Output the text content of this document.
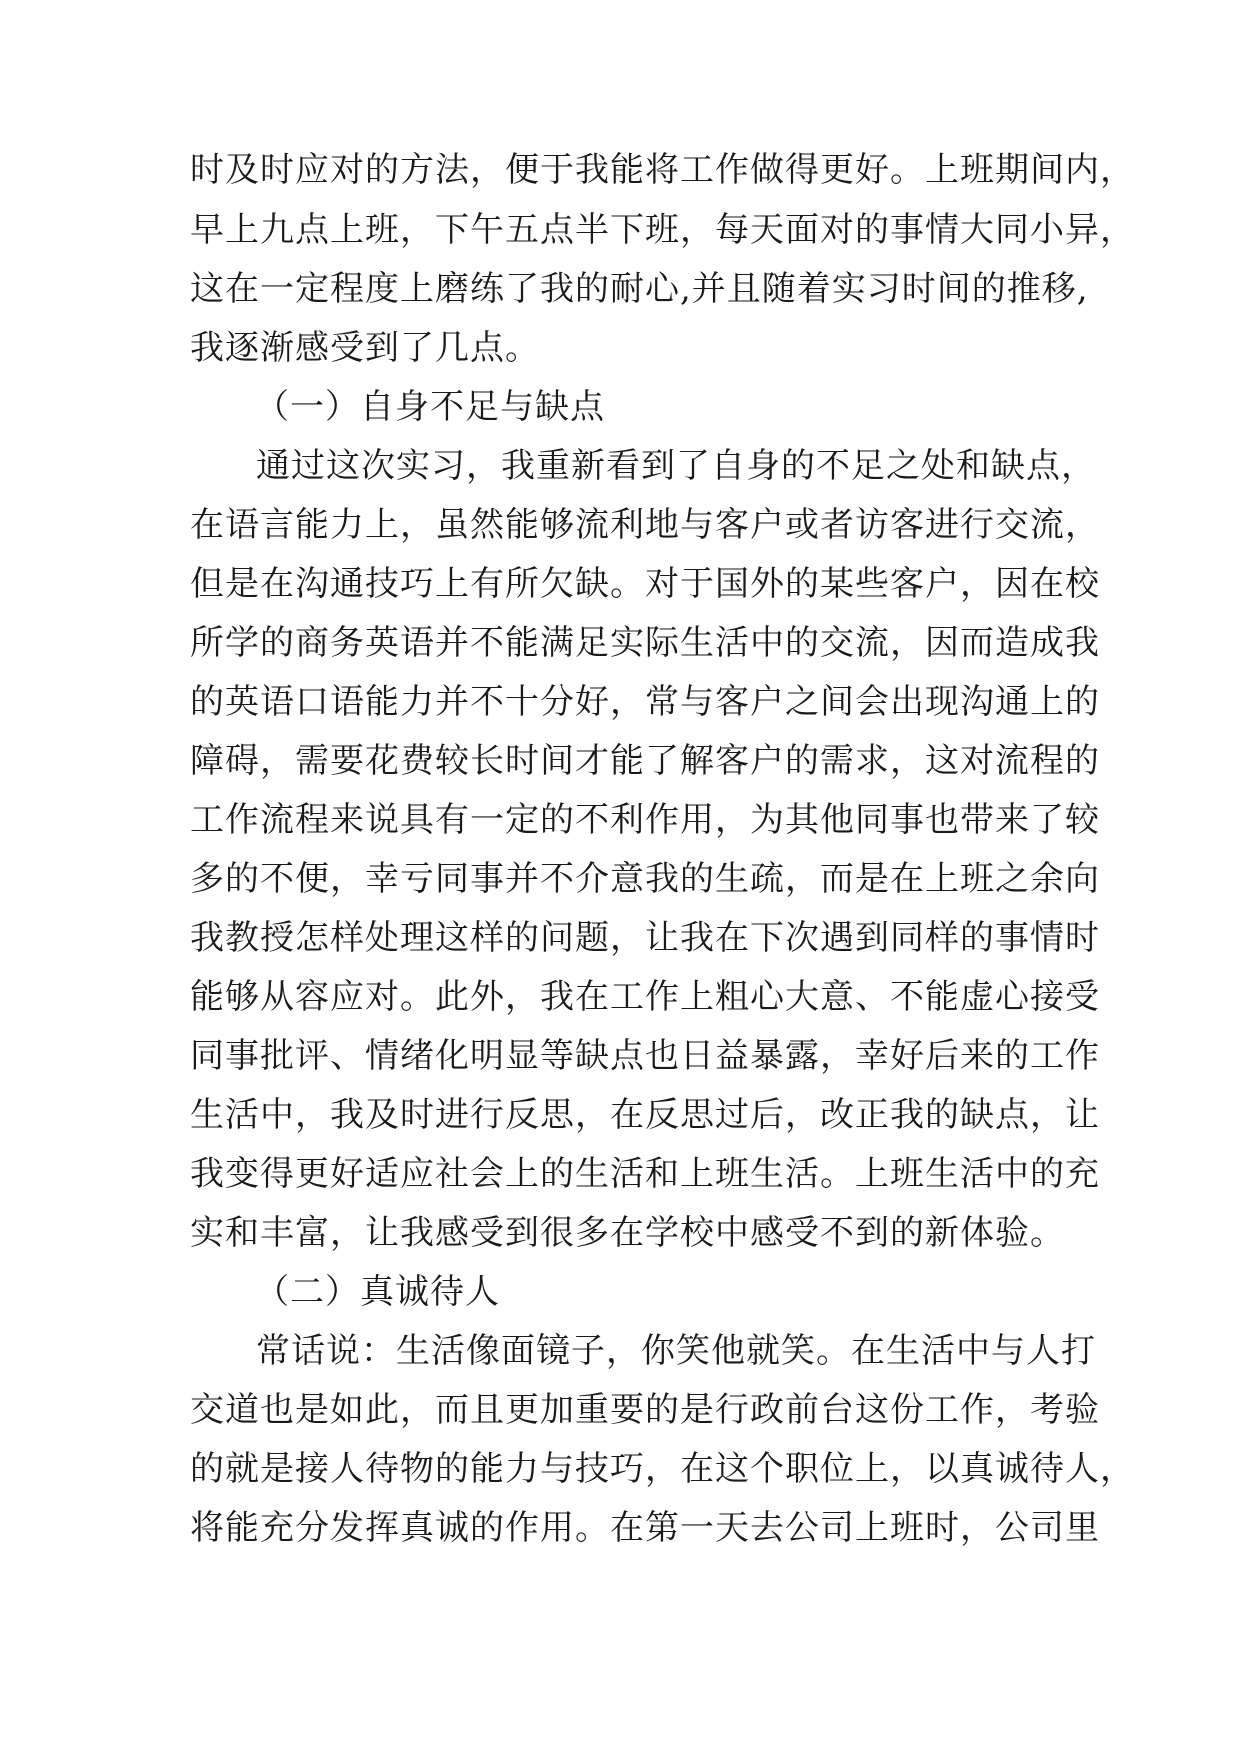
时及时应对的方法，便于我能将工作做得更好。上班期间内，
早上九点上班，下午五点半下班，每天面对的事情大同小异，
这在一定程度上磨练了我的耐心,并且随着实习时间的推移,
我逐渐感受到了几点。
（一）自身不足与缺点
通过这次实习，我重新看到了自身的不足之处和缺点，
在语言能力上，虽然能够流利地与客户或者访客进行交流，
但是在沟通技巧上有所欠缺。对于国外的某些客户，因在校
所学的商务英语并不能满足实际生活中的交流，因而造成我
的英语口语能力并不十分好，常与客户之间会出现沟通上的
障碍，需要花费较长时间才能了解客户的需求，这对流程的
工作流程来说具有一定的不利作用，为其他同事也带来了较
多的不便，幸亏同事并不介意我的生疏，而是在上班之余向
我教授怎样处理这样的问题，让我在下次遇到同样的事情时
能够从容应对。此外，我在工作上粗心大意、不能虚心接受
同事批评、情绪化明显等缺点也日益暴露，幸好后来的工作
生活中，我及时进行反思，在反思过后，改正我的缺点，让
我变得更好适应社会上的生活和上班生活。上班生活中的充
实和丰富，让我感受到很多在学校中感受不到的新体验。
（二）真诚待人
常话说：生活像面镜子，你笑他就笑。在生活中与人打
交道也是如此，而且更加重要的是行政前台这份工作，考验
的就是接人待物的能力与技巧，在这个职位上，以真诚待人，
将能充分发挥真诚的作用。在第一天去公司上班时，公司里
